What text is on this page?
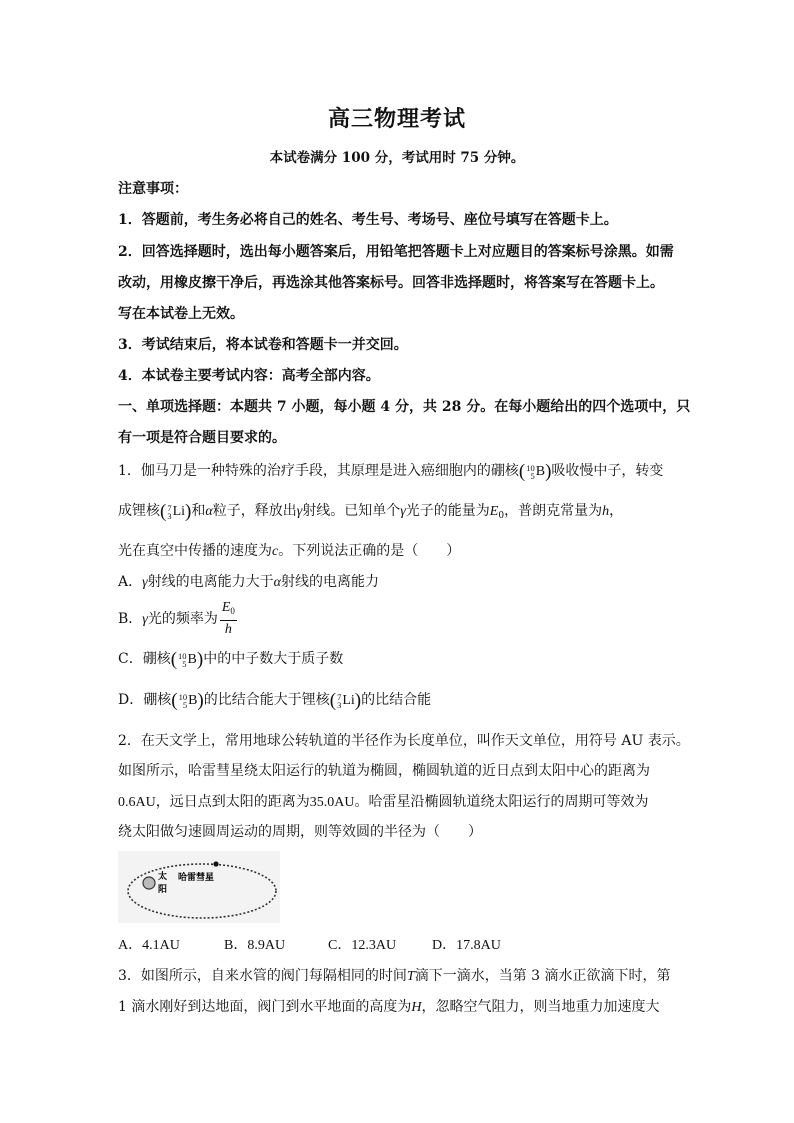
高三物理考试
本试卷满分 100 分，考试用时 75 分钟。
注意事项：
1．答题前，考生务必将自己的姓名、考生号、考场号、座位号填写在答题卡上。
2．回答选择题时，选出每小题答案后，用铅笔把答题卡上对应题目的答案标号涂黑。如需
改动，用橡皮擦干净后，再选涂其他答案标号。回答非选择题时，将答案写在答题卡上。
写在本试卷上无效。
3．考试结束后，将本试卷和答题卡一并交回。
4．本试卷主要考试内容：高考全部内容。
一、单项选择题：本题共 7 小题，每小题 4 分，共 28 分。在每小题给出的四个选项中，只
有一项是符合题目要求的。
1．伽马刀是一种特殊的治疗手段，其原理是进入癌细胞内的硼核( 10
5 B)吸收慢中子，转变
成锂核( 7
3 Li)和α粒子，释放出γ射线。已知单个γ光子的能量为$E_0$，普朗克常量为h，
光在真空中传播的速度为c。下列说法正确的是（　　）
A．γ射线的电离能力大于α射线的电离能力
B．γ光的频率为 $\frac{E_0}{h}$
C．硼核( 10
5 B)中的中子数大于质子数
D．硼核( 10
5 B)的比结合能大于锂核( 7
3 Li)的比结合能
2．在天文学上，常用地球公转轨道的半径作为长度单位，叫作天文单位，用符号 AU 表示。
如图所示，哈雷彗星绕太阳运行的轨道为椭圆，椭圆轨道的近日点到太阳中心的距离为
0.6AU，远日点到太阳的距离为35.0AU。哈雷星沿椭圆轨道绕太阳运行的周期可等效为
绕太阳做匀速圆周运动的周期，则等效圆的半径为（　　）
哈雷彗星
太
阳
A．4.1AU	B．8.9AU	C．12.3AU	D．17.8AU
3．如图所示，自来水管的阀门每隔相同的时间T滴下一滴水，当第 3 滴水正欲滴下时，第
1 滴水刚好到达地面，阀门到水平地面的高度为H，忽略空气阻力，则当地重力加速度大
